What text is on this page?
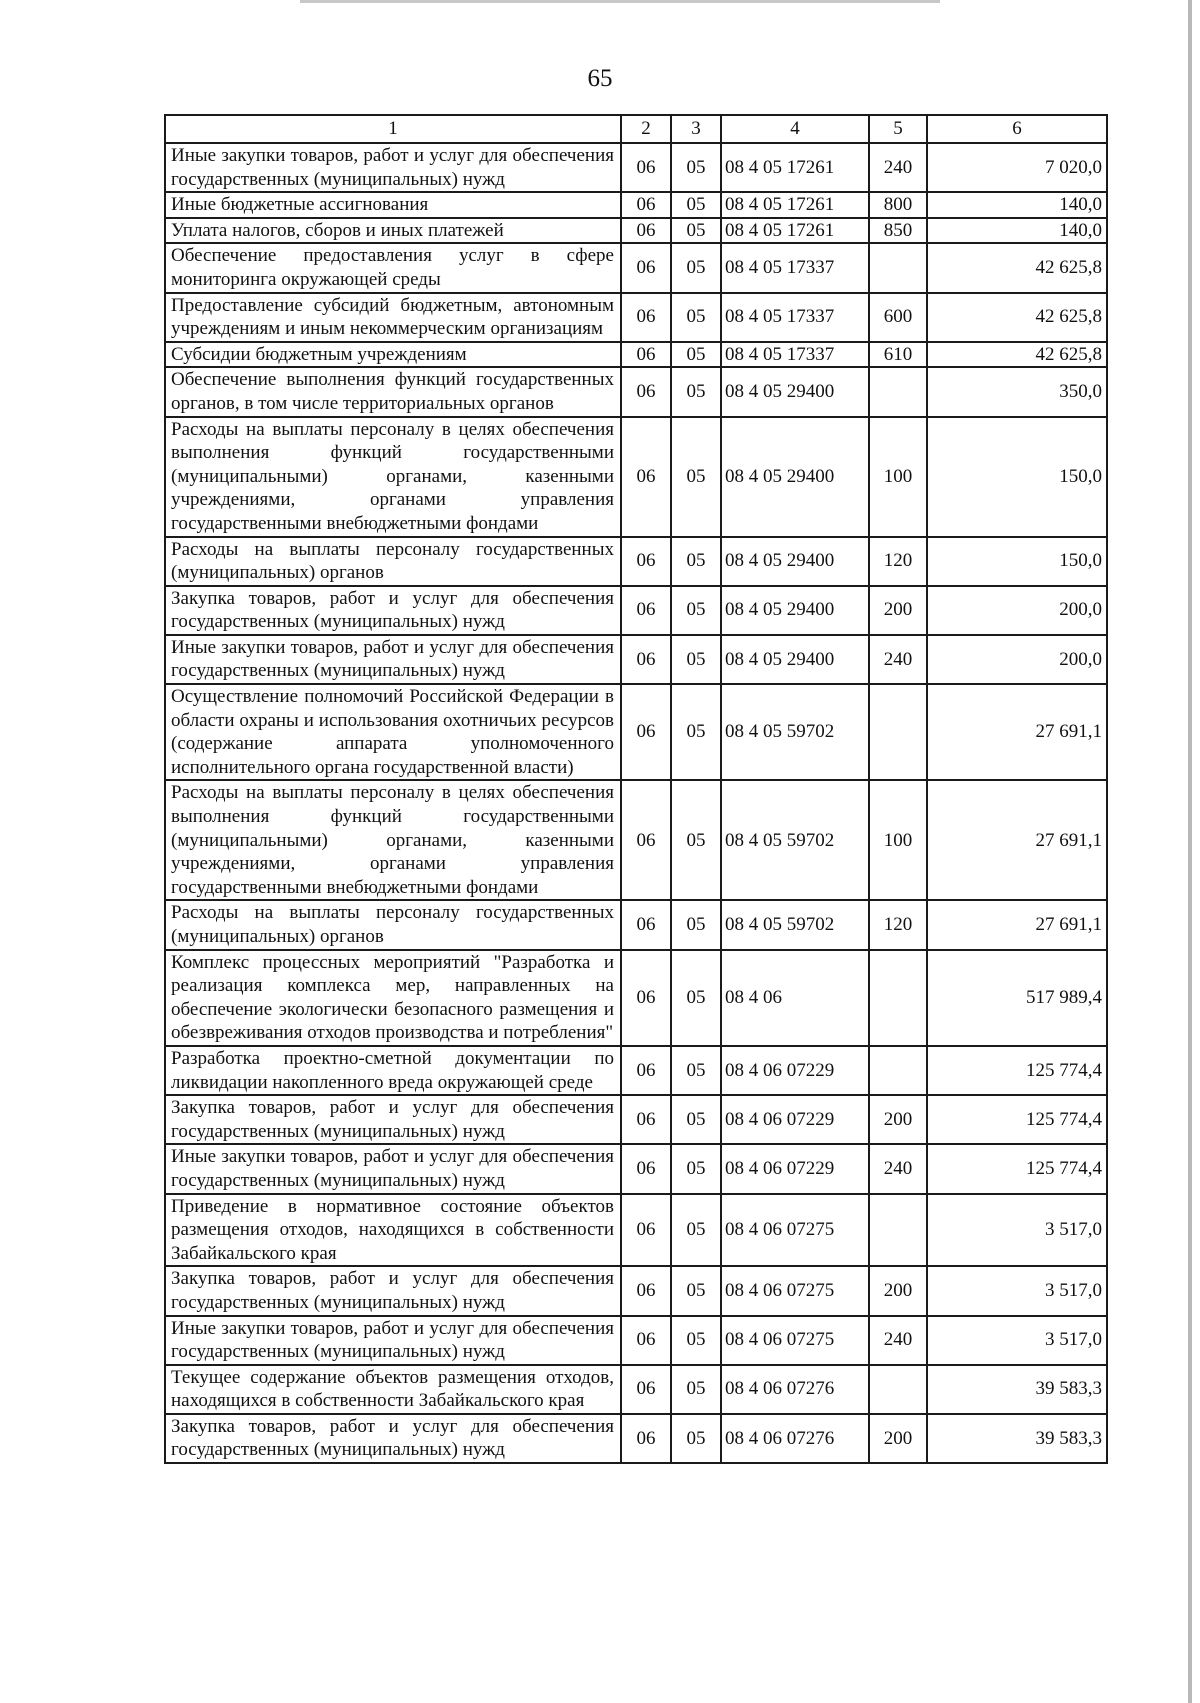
65
1	2	3	4	5	6
Иные закупки товаров, работ и услуг для обеспечения государственных (муниципальных) нужд	06	05	08 4 05 17261	240	7 020,0
Иные бюджетные ассигнования	06	05	08 4 05 17261	800	140,0
Уплата налогов, сборов и иных платежей	06	05	08 4 05 17261	850	140,0
Обеспечение предоставления услуг в сфере мониторинга окружающей среды	06	05	08 4 05 17337		42 625,8
Предоставление субсидий бюджетным, автономным учреждениям и иным некоммерческим организациям	06	05	08 4 05 17337	600	42 625,8
Субсидии бюджетным учреждениям	06	05	08 4 05 17337	610	42 625,8
Обеспечение выполнения функций государственных органов, в том числе территориальных органов	06	05	08 4 05 29400		350,0
Расходы на выплаты персоналу в целях обеспечения выполнения функций государственными (муниципальными) органами, казенными учреждениями, органами управления государственными внебюджетными фондами	06	05	08 4 05 29400	100	150,0
Расходы на выплаты персоналу государственных (муниципальных) органов	06	05	08 4 05 29400	120	150,0
Закупка товаров, работ и услуг для обеспечения государственных (муниципальных) нужд	06	05	08 4 05 29400	200	200,0
Иные закупки товаров, работ и услуг для обеспечения государственных (муниципальных) нужд	06	05	08 4 05 29400	240	200,0
Осуществление полномочий Российской Федерации в области охраны и использования охотничьих ресурсов (содержание аппарата уполномоченного исполнительного органа государственной власти)	06	05	08 4 05 59702		27 691,1
Расходы на выплаты персоналу в целях обеспечения выполнения функций государственными (муниципальными) органами, казенными учреждениями, органами управления государственными внебюджетными фондами	06	05	08 4 05 59702	100	27 691,1
Расходы на выплаты персоналу государственных (муниципальных) органов	06	05	08 4 05 59702	120	27 691,1
Комплекс процессных мероприятий "Разработка и реализация комплекса мер, направленных на обеспечение экологически безопасного размещения и обезвреживания отходов производства и потребления"	06	05	08 4 06		517 989,4
Разработка проектно-сметной документации по ликвидации накопленного вреда окружающей среде	06	05	08 4 06 07229		125 774,4
Закупка товаров, работ и услуг для обеспечения государственных (муниципальных) нужд	06	05	08 4 06 07229	200	125 774,4
Иные закупки товаров, работ и услуг для обеспечения государственных (муниципальных) нужд	06	05	08 4 06 07229	240	125 774,4
Приведение в нормативное состояние объектов размещения отходов, находящихся в собственности Забайкальского края	06	05	08 4 06 07275		3 517,0
Закупка товаров, работ и услуг для обеспечения государственных (муниципальных) нужд	06	05	08 4 06 07275	200	3 517,0
Иные закупки товаров, работ и услуг для обеспечения государственных (муниципальных) нужд	06	05	08 4 06 07275	240	3 517,0
Текущее содержание объектов размещения отходов, находящихся в собственности Забайкальского края	06	05	08 4 06 07276		39 583,3
Закупка товаров, работ и услуг для обеспечения государственных (муниципальных) нужд	06	05	08 4 06 07276	200	39 583,3
